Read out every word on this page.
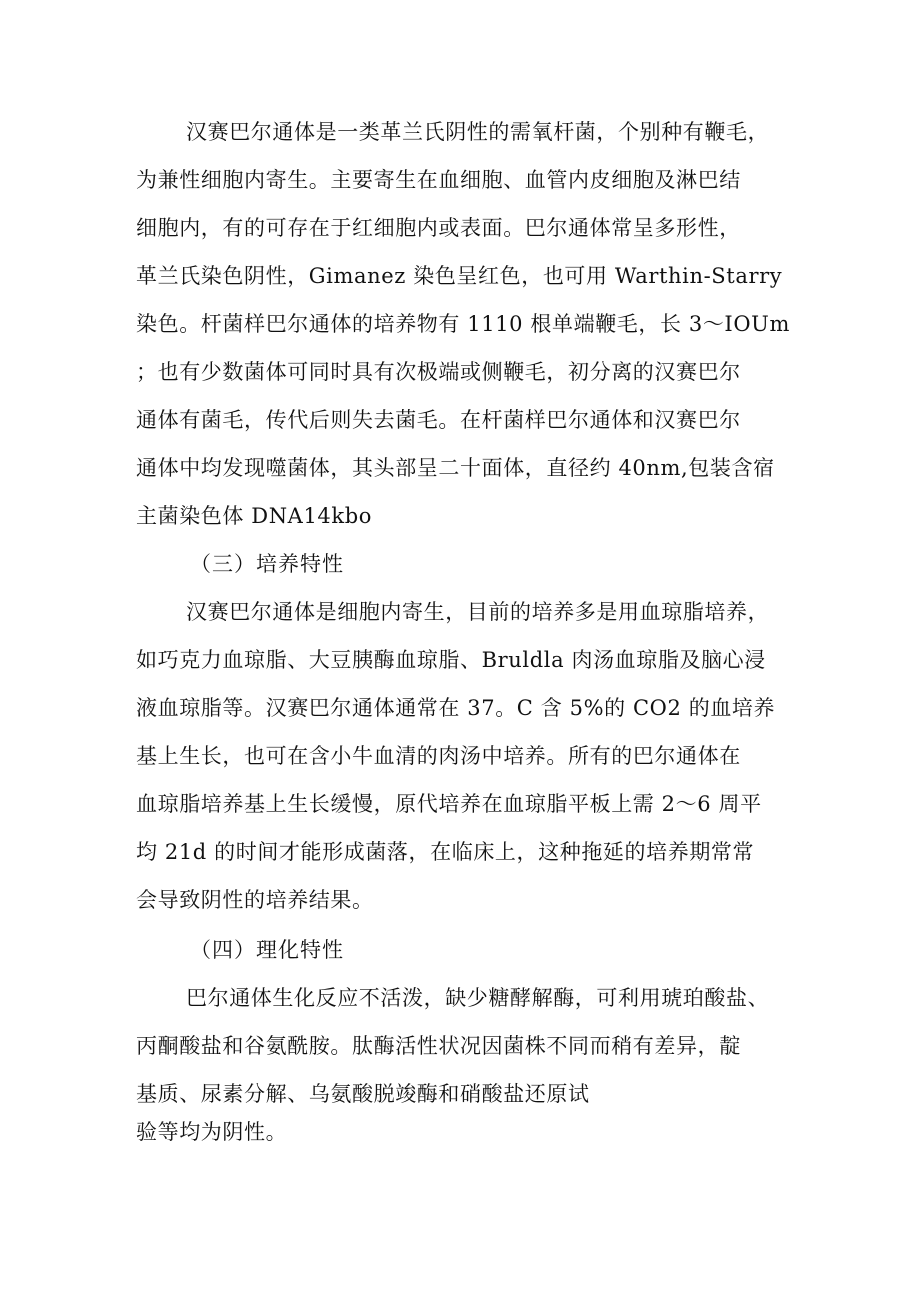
汉赛巴尔通体是一类革兰氏阴性的需氧杆菌，个别种有鞭毛，
为兼性细胞内寄生。主要寄生在血细胞、血管内皮细胞及淋巴结
细胞内，有的可存在于红细胞内或表面。巴尔通体常呈多形性，
革兰氏染色阴性，Gimanez 染色呈红色，也可用 Warthin-Starry
染色。杆菌样巴尔通体的培养物有 1110 根单端鞭毛，长 3～IOUm
；也有少数菌体可同时具有次极端或侧鞭毛，初分离的汉赛巴尔
通体有菌毛，传代后则失去菌毛。在杆菌样巴尔通体和汉赛巴尔
通体中均发现噬菌体，其头部呈二十面体，直径约 40nm,包装含宿
主菌染色体 DNA14kbo
（三）培养特性
汉赛巴尔通体是细胞内寄生，目前的培养多是用血琼脂培养，
如巧克力血琼脂、大豆胰酶血琼脂、Bruldla 肉汤血琼脂及脑心浸
液血琼脂等。汉赛巴尔通体通常在 37。C 含 5%的 CO2 的血培养
基上生长，也可在含小牛血清的肉汤中培养。所有的巴尔通体在
血琼脂培养基上生长缓慢，原代培养在血琼脂平板上需 2～6 周平
均 21d 的时间才能形成菌落，在临床上，这种拖延的培养期常常
会导致阴性的培养结果。
（四）理化特性
巴尔通体生化反应不活泼，缺少糖酵解酶，可利用琥珀酸盐、
丙酮酸盐和谷氨酰胺。肽酶活性状况因菌株不同而稍有差异，靛
基质、尿素分解、乌氨酸脱竣酶和硝酸盐还原试
验等均为阴性。
